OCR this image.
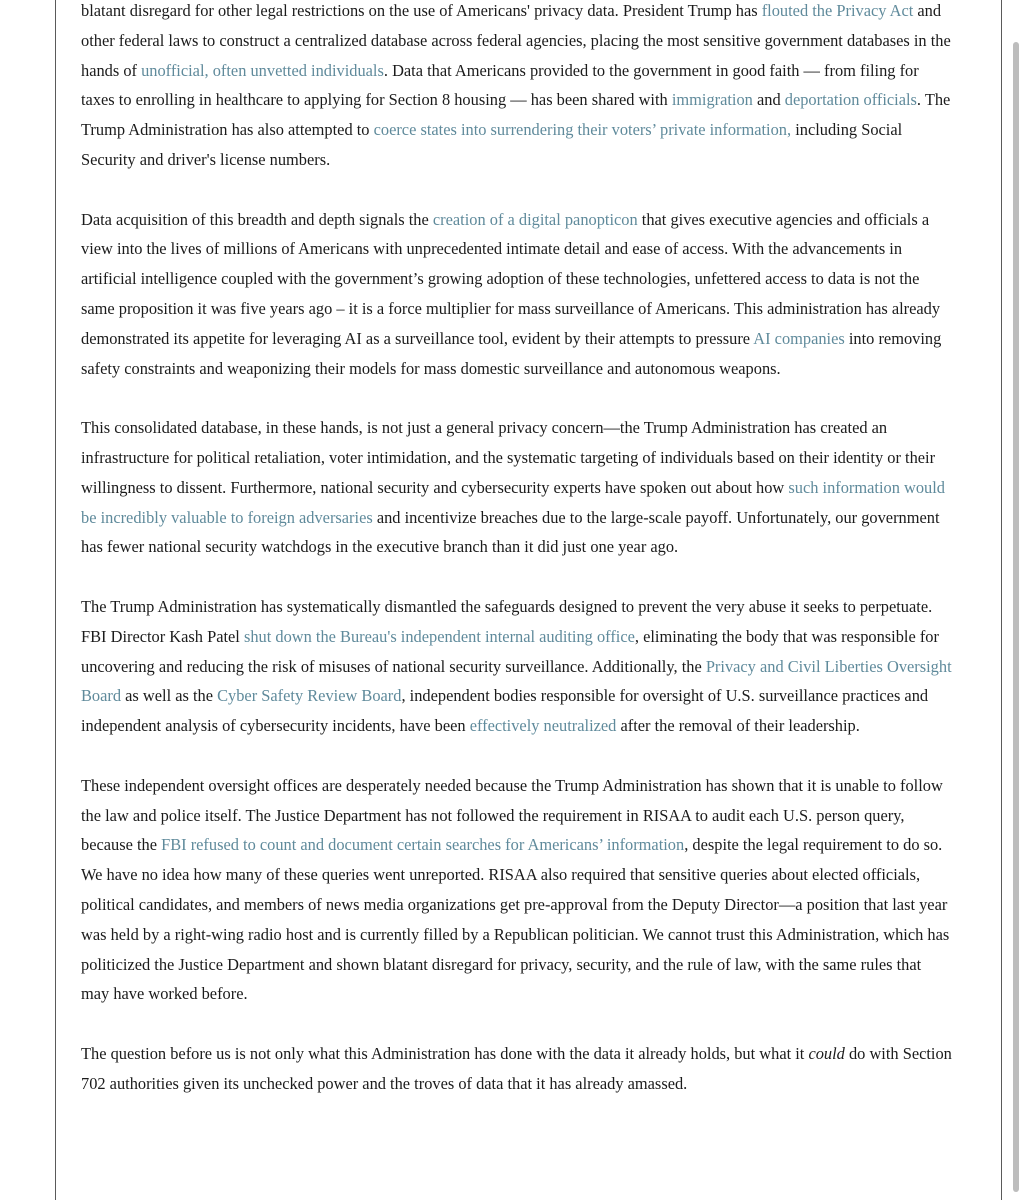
blatant disregard for other legal restrictions on the use of Americans' privacy data. President Trump has flouted the Privacy Act and other federal laws to construct a centralized database across federal agencies, placing the most sensitive government databases in the hands of unofficial, often unvetted individuals. Data that Americans provided to the government in good faith — from filing for taxes to enrolling in healthcare to applying for Section 8 housing — has been shared with immigration and deportation officials. The Trump Administration has also attempted to coerce states into surrendering their voters’ private information, including Social Security and driver's license numbers.

Data acquisition of this breadth and depth signals the creation of a digital panopticon that gives executive agencies and officials a view into the lives of millions of Americans with unprecedented intimate detail and ease of access. With the advancements in artificial intelligence coupled with the government’s growing adoption of these technologies, unfettered access to data is not the same proposition it was five years ago – it is a force multiplier for mass surveillance of Americans. This administration has already demonstrated its appetite for leveraging AI as a surveillance tool, evident by their attempts to pressure AI companies into removing safety constraints and weaponizing their models for mass domestic surveillance and autonomous weapons.

This consolidated database, in these hands, is not just a general privacy concern—the Trump Administration has created an infrastructure for political retaliation, voter intimidation, and the systematic targeting of individuals based on their identity or their willingness to dissent. Furthermore, national security and cybersecurity experts have spoken out about how such information would be incredibly valuable to foreign adversaries and incentivize breaches due to the large-scale payoff. Unfortunately, our government has fewer national security watchdogs in the executive branch than it did just one year ago.

The Trump Administration has systematically dismantled the safeguards designed to prevent the very abuse it seeks to perpetuate. FBI Director Kash Patel shut down the Bureau's independent internal auditing office, eliminating the body that was responsible for uncovering and reducing the risk of misuses of national security surveillance. Additionally, the Privacy and Civil Liberties Oversight Board as well as the Cyber Safety Review Board, independent bodies responsible for oversight of U.S. surveillance practices and independent analysis of cybersecurity incidents, have been effectively neutralized after the removal of their leadership.

These independent oversight offices are desperately needed because the Trump Administration has shown that it is unable to follow the law and police itself. The Justice Department has not followed the requirement in RISAA to audit each U.S. person query, because the FBI refused to count and document certain searches for Americans’ information, despite the legal requirement to do so. We have no idea how many of these queries went unreported. RISAA also required that sensitive queries about elected officials, political candidates, and members of news media organizations get pre-approval from the Deputy Director—a position that last year was held by a right-wing radio host and is currently filled by a Republican politician. We cannot trust this Administration, which has politicized the Justice Department and shown blatant disregard for privacy, security, and the rule of law, with the same rules that may have worked before.

The question before us is not only what this Administration has done with the data it already holds, but what it could do with Section 702 authorities given its unchecked power and the troves of data that it has already amassed.
